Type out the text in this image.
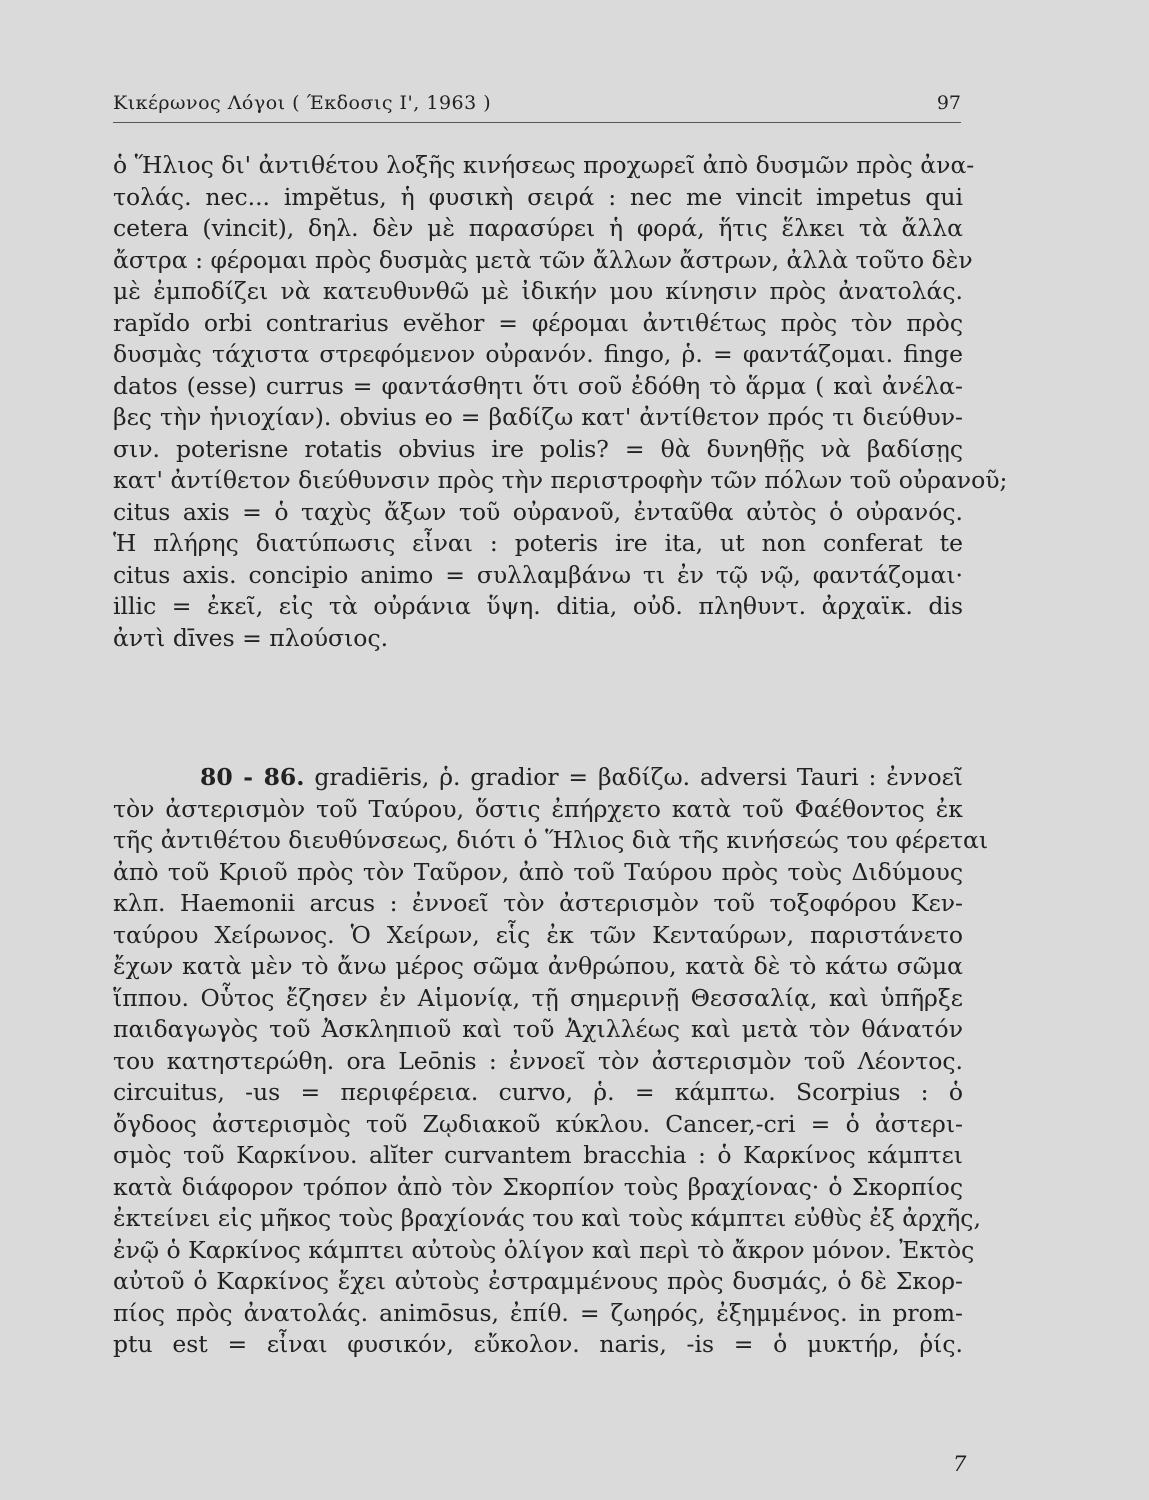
Κικέρωνος Λόγοι ( Έκδοσις Ι', 1963 )	97
ὁ Ἥλιος δι' ἀντιθέτου λοξῆς κινήσεως προχωρεῖ ἀπὸ δυσμῶν πρὸς ἀνα-
τολάς. nec... impĕtus, ἡ φυσικὴ σειρά : nec me vincit impetus qui
cetera (vincit), δηλ. δὲν μὲ παρασύρει ἡ φορά, ἥτις ἕλκει τὰ ἄλλα
ἄστρα : φέρομαι πρὸς δυσμὰς μετὰ τῶν ἄλλων ἄστρων, ἀλλὰ τοῦτο δὲν
μὲ ἐμποδίζει νὰ κατευθυνθῶ μὲ ἰδικήν μου κίνησιν πρὸς ἀνατολάς.
rapĭdo orbi contrarius evĕhor = φέρομαι ἀντιθέτως πρὸς τὸν πρὸς
δυσμὰς τάχιστα στρεφόμενον οὐρανόν. fingo, ῥ. = φαντάζομαι. finge
datos (esse) currus = φαντάσθητι ὅτι σοῦ ἐδόθη τὸ ἅρμα ( καὶ ἀνέλα-
βες τὴν ἡνιοχίαν). obvius eo = βαδίζω κατ' ἀντίθετον πρός τι διεύθυν-
σιν. poterisne rotatis obvius ire polis? = θὰ δυνηθῇς νὰ βαδίσῃς
κατ' ἀντίθετον διεύθυνσιν πρὸς τὴν περιστροφὴν τῶν πόλων τοῦ οὐρανοῦ;
citus axis = ὁ ταχὺς ἄξων τοῦ οὐρανοῦ, ἐνταῦθα αὐτὸς ὁ οὐρανός.
Ἡ πλήρης διατύπωσις εἶναι : poteris ire ita, ut non conferat te
citus axis. concipio animo = συλλαμβάνω τι ἐν τῷ νῷ, φαντάζομαι·
illic = ἐκεῖ, εἰς τὰ οὐράνια ὕψη. ditia, οὐδ. πληθυντ. ἀρχαϊκ. dis
ἀντὶ dīves = πλούσιος.
80 - 86. gradiēris, ῥ. gradior = βαδίζω. adversi Tauri : ἐννοεῖ
τὸν ἀστερισμὸν τοῦ Ταύρου, ὅστις ἐπήρχετο κατὰ τοῦ Φαέθοντος ἐκ
τῆς ἀντιθέτου διευθύνσεως, διότι ὁ Ἥλιος διὰ τῆς κινήσεώς του φέρεται
ἀπὸ τοῦ Κριοῦ πρὸς τὸν Ταῦρον, ἀπὸ τοῦ Ταύρου πρὸς τοὺς Διδύμους
κλπ. Haemonii arcus : ἐννοεῖ τὸν ἀστερισμὸν τοῦ τοξοφόρου Κεν-
ταύρου Χείρωνος. Ὁ Χείρων, εἷς ἐκ τῶν Κενταύρων, παριστάνετο
ἔχων κατὰ μὲν τὸ ἄνω μέρος σῶμα ἀνθρώπου, κατὰ δὲ τὸ κάτω σῶμα
ἵππου. Οὗτος ἔζησεν ἐν Αἱμονίᾳ, τῇ σημερινῇ Θεσσαλίᾳ, καὶ ὑπῆρξε
παιδαγωγὸς τοῦ Ἀσκληπιοῦ καὶ τοῦ Ἀχιλλέως καὶ μετὰ τὸν θάνατόν
του κατηστερώθη. ora Leōnis : ἐννοεῖ τὸν ἀστερισμὸν τοῦ Λέοντος.
circuitus, -us = περιφέρεια. curvo, ῥ. = κάμπτω. Scorpius : ὁ
ὄγδοος ἀστερισμὸς τοῦ Ζῳδιακοῦ κύκλου. Cancer,-cri = ὁ ἀστερι-
σμὸς τοῦ Καρκίνου. alĭter curvantem bracchia : ὁ Καρκίνος κάμπτει
κατὰ διάφορον τρόπον ἀπὸ τὸν Σκορπίον τοὺς βραχίονας· ὁ Σκορπίος
ἐκτείνει εἰς μῆκος τοὺς βραχίονάς του καὶ τοὺς κάμπτει εὐθὺς ἐξ ἀρχῆς,
ἐνῷ ὁ Καρκίνος κάμπτει αὐτοὺς ὀλίγον καὶ περὶ τὸ ἄκρον μόνον. Ἐκτὸς
αὐτοῦ ὁ Καρκίνος ἔχει αὐτοὺς ἐστραμμένους πρὸς δυσμάς, ὁ δὲ Σκορ-
πίος πρὸς ἀνατολάς. animōsus, ἐπίθ. = ζωηρός, ἐξημμένος. in prom-
ptu est = εἶναι φυσικόν, εὔκολον. naris, -is = ὁ μυκτήρ, ῥίς.
7
